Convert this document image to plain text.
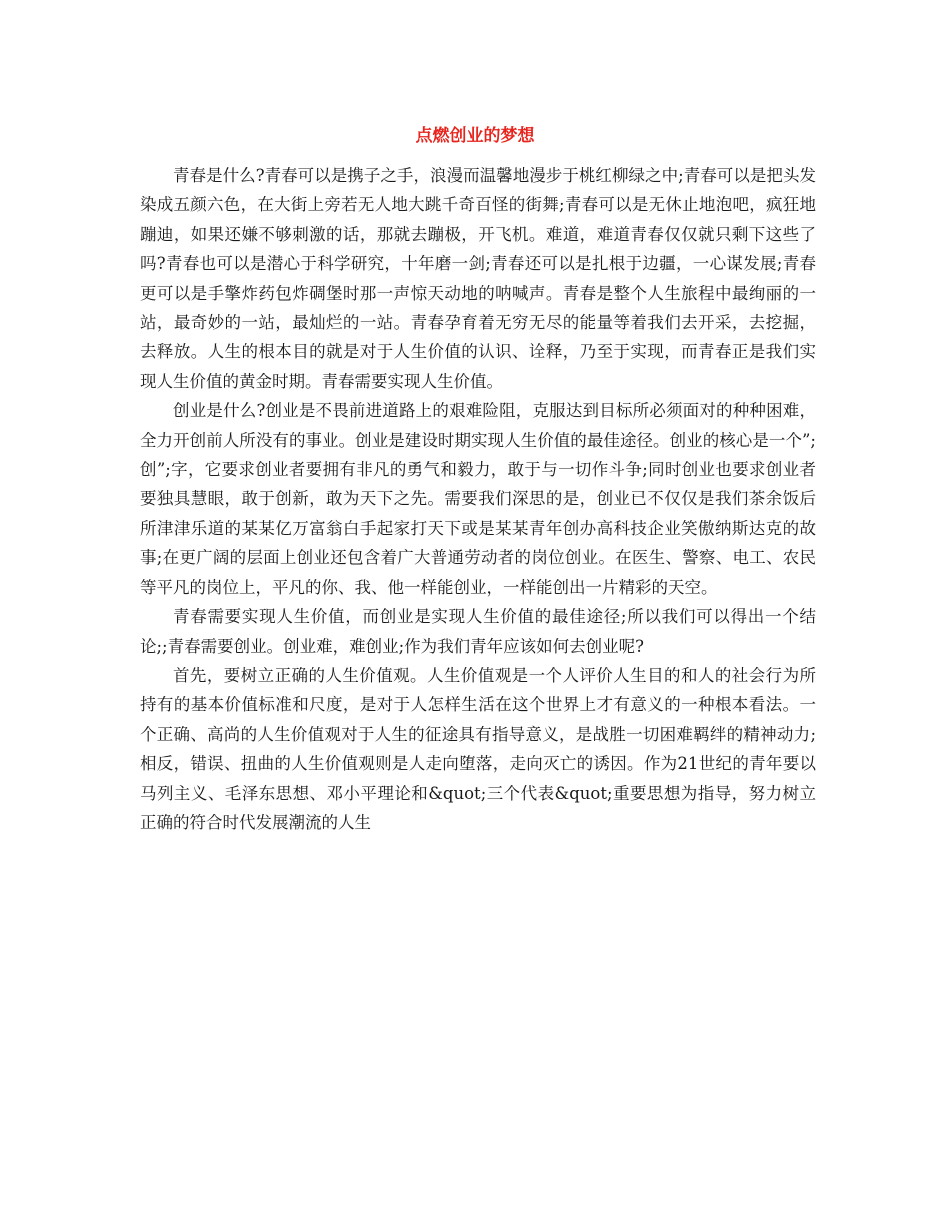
点燃创业的梦想

青春是什么?青春可以是携子之手，浪漫而温馨地漫步于桃红柳绿之中;青春可以是把头发染成五颜六色，在大街上旁若无人地大跳千奇百怪的街舞;青春可以是无休止地泡吧，疯狂地蹦迪，如果还嫌不够刺激的话，那就去蹦极，开飞机。难道，难道青春仅仅就只剩下这些了吗?青春也可以是潜心于科学研究，十年磨一剑;青春还可以是扎根于边疆，一心谋发展;青春更可以是手擎炸药包炸碉堡时那一声惊天动地的呐喊声。青春是整个人生旅程中最绚丽的一站，最奇妙的一站，最灿烂的一站。青春孕育着无穷无尽的能量等着我们去开采，去挖掘，去释放。人生的根本目的就是对于人生价值的认识、诠释，乃至于实现，而青春正是我们实现人生价值的黄金时期。青春需要实现人生价值。

创业是什么?创业是不畏前进道路上的艰难险阻，克服达到目标所必须面对的种种困难，全力开创前人所没有的事业。创业是建设时期实现人生价值的最佳途径。创业的核心是一个”;创”;字，它要求创业者要拥有非凡的勇气和毅力，敢于与一切作斗争;同时创业也要求创业者要独具慧眼，敢于创新，敢为天下之先。需要我们深思的是，创业已不仅仅是我们茶余饭后所津津乐道的某某亿万富翁白手起家打天下或是某某青年创办高科技企业笑傲纳斯达克的故事;在更广阔的层面上创业还包含着广大普通劳动者的岗位创业。在医生、警察、电工、农民等平凡的岗位上，平凡的你、我、他一样能创业，一样能创出一片精彩的天空。

青春需要实现人生价值，而创业是实现人生价值的最佳途径;所以我们可以得出一个结论;;青春需要创业。创业难，难创业;作为我们青年应该如何去创业呢?

首先，要树立正确的人生价值观。人生价值观是一个人评价人生目的和人的社会行为所持有的基本价值标准和尺度，是对于人怎样生活在这个世界上才有意义的一种根本看法。一个正确、高尚的人生价值观对于人生的征途具有指导意义，是战胜一切困难羁绊的精神动力;相反，错误、扭曲的人生价值观则是人走向堕落，走向灭亡的诱因。作为21世纪的青年要以马列主义、毛泽东思想、邓小平理论和&quot;三个代表&quot;重要思想为指导，努力树立正确的符合时代发展潮流的人生
